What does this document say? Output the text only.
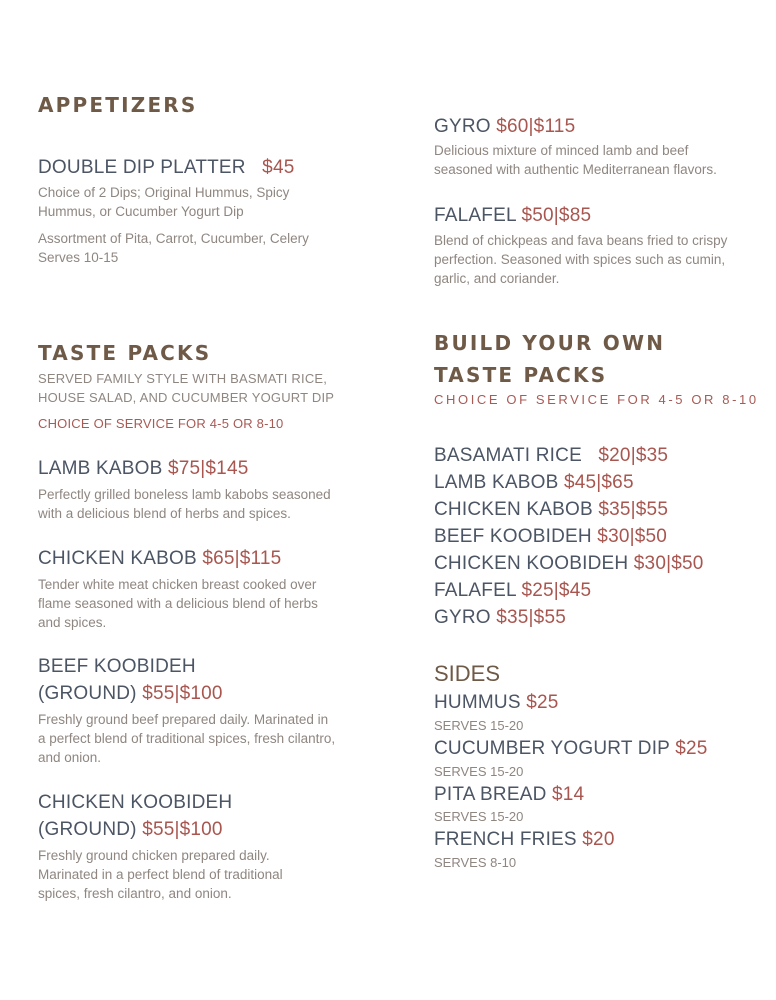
APPETIZERS
DOUBLE DIP PLATTER $45
Choice of 2 Dips; Original Hummus, Spicy Hummus, or Cucumber Yogurt Dip
Assortment of Pita, Carrot, Cucumber, Celery
Serves 10-15
TASTE PACKS
SERVED FAMILY STYLE WITH BASMATI RICE,
HOUSE SALAD, AND CUCUMBER YOGURT DIP
CHOICE OF SERVICE FOR 4-5 OR 8-10
LAMB KABOB $75|$145
Perfectly grilled boneless lamb kabobs seasoned with a delicious blend of herbs and spices.
CHICKEN KABOB $65|$115
Tender white meat chicken breast cooked over flame seasoned with a delicious blend of herbs and spices.
BEEF KOOBIDEH
(GROUND) $55|$100
Freshly ground beef prepared daily. Marinated in a perfect blend of traditional spices, fresh cilantro, and onion.
CHICKEN KOOBIDEH
(GROUND) $55|$100
Freshly ground chicken prepared daily. Marinated in a perfect blend of traditional spices, fresh cilantro, and onion.
GYRO $60|$115
Delicious mixture of minced lamb and beef seasoned with authentic Mediterranean flavors.
FALAFEL $50|$85
Blend of chickpeas and fava beans fried to crispy perfection. Seasoned with spices such as cumin, garlic, and coriander.
BUILD YOUR OWN
TASTE PACKS
CHOICE OF SERVICE FOR 4-5 OR 8-10
BASAMATI RICE $20|$35
LAMB KABOB $45|$65
CHICKEN KABOB $35|$55
BEEF KOOBIDEH $30|$50
CHICKEN KOOBIDEH $30|$50
FALAFEL $25|$45
GYRO $35|$55
SIDES
HUMMUS $25
SERVES 15-20
CUCUMBER YOGURT DIP $25
SERVES 15-20
PITA BREAD $14
SERVES 15-20
FRENCH FRIES $20
SERVES 8-10
